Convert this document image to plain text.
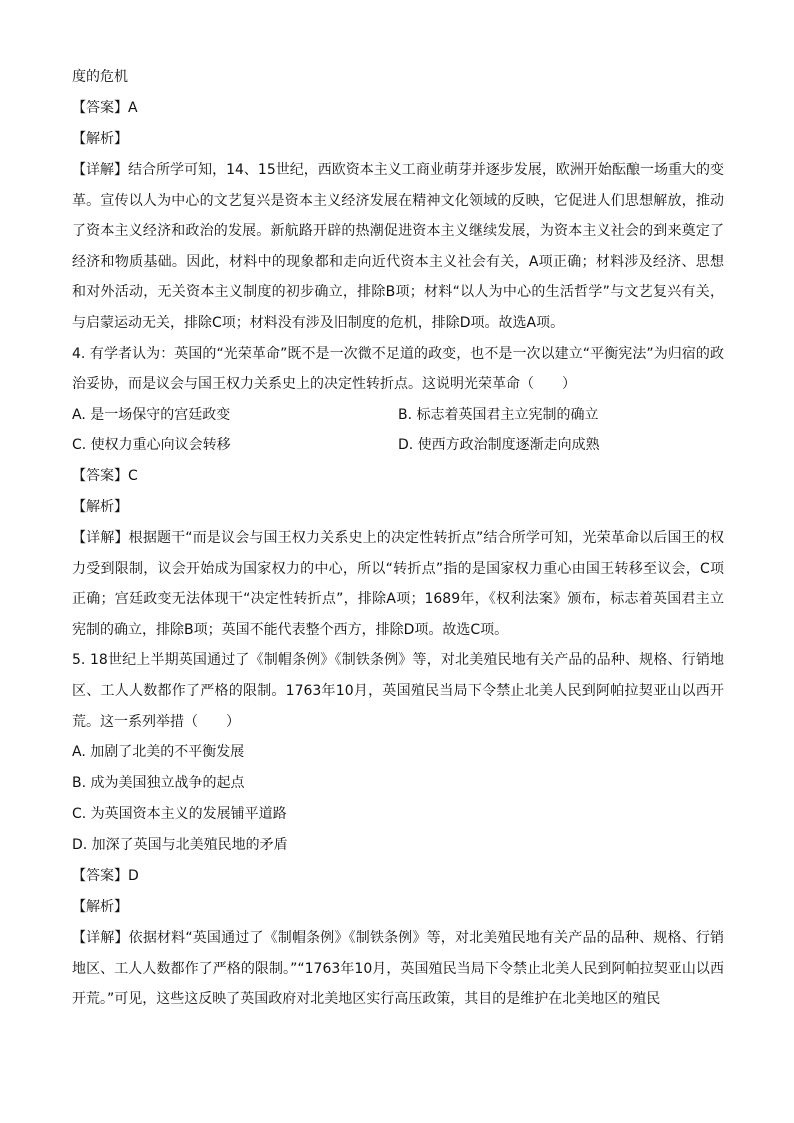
度的危机
【答案】A
【解析】
【详解】结合所学可知，14、15世纪，西欧资本主义工商业萌芽并逐步发展，欧洲开始酝酿一场重大的变革。宣传以人为中心的文艺复兴是资本主义经济发展在精神文化领域的反映，它促进人们思想解放，推动了资本主义经济和政治的发展。新航路开辟的热潮促进资本主义继续发展，为资本主义社会的到来奠定了经济和物质基础。因此，材料中的现象都和走向近代资本主义社会有关，A项正确；材料涉及经济、思想和对外活动，无关资本主义制度的初步确立，排除B项；材料“以人为中心的生活哲学”与文艺复兴有关，与启蒙运动无关，排除C项；材料没有涉及旧制度的危机，排除D项。故选A项。
4. 有学者认为：英国的“光荣革命”既不是一次微不足道的政变，也不是一次以建立“平衡宪法”为归宿的政治妥协，而是议会与国王权力关系史上的决定性转折点。这说明光荣革命（　　）
A. 是一场保守的宫廷政变	B. 标志着英国君主立宪制的确立
C. 使权力重心向议会转移	D. 使西方政治制度逐渐走向成熟
【答案】C
【解析】
【详解】根据题干“而是议会与国王权力关系史上的决定性转折点”结合所学可知，光荣革命以后国王的权力受到限制，议会开始成为国家权力的中心，所以“转折点”指的是国家权力重心由国王转移至议会，C项正确；宫廷政变无法体现干“决定性转折点”，排除A项；1689年，《权利法案》颁布，标志着英国君主立宪制的确立，排除B项；英国不能代表整个西方，排除D项。故选C项。
5. 18世纪上半期英国通过了《制帽条例》《制铁条例》等，对北美殖民地有关产品的品种、规格、行销地区、工人人数都作了严格的限制。1763年10月，英国殖民当局下令禁止北美人民到阿帕拉契亚山以西开荒。这一系列举措（　　）
A. 加剧了北美的不平衡发展
B. 成为美国独立战争的起点
C. 为英国资本主义的发展铺平道路
D. 加深了英国与北美殖民地的矛盾
【答案】D
【解析】
【详解】依据材料“英国通过了《制帽条例》《制铁条例》等，对北美殖民地有关产品的品种、规格、行销地区、工人人数都作了严格的限制。”“1763年10月，英国殖民当局下令禁止北美人民到阿帕拉契亚山以西开荒。”可见，这些这反映了英国政府对北美地区实行高压政策，其目的是维护在北美地区的殖民
